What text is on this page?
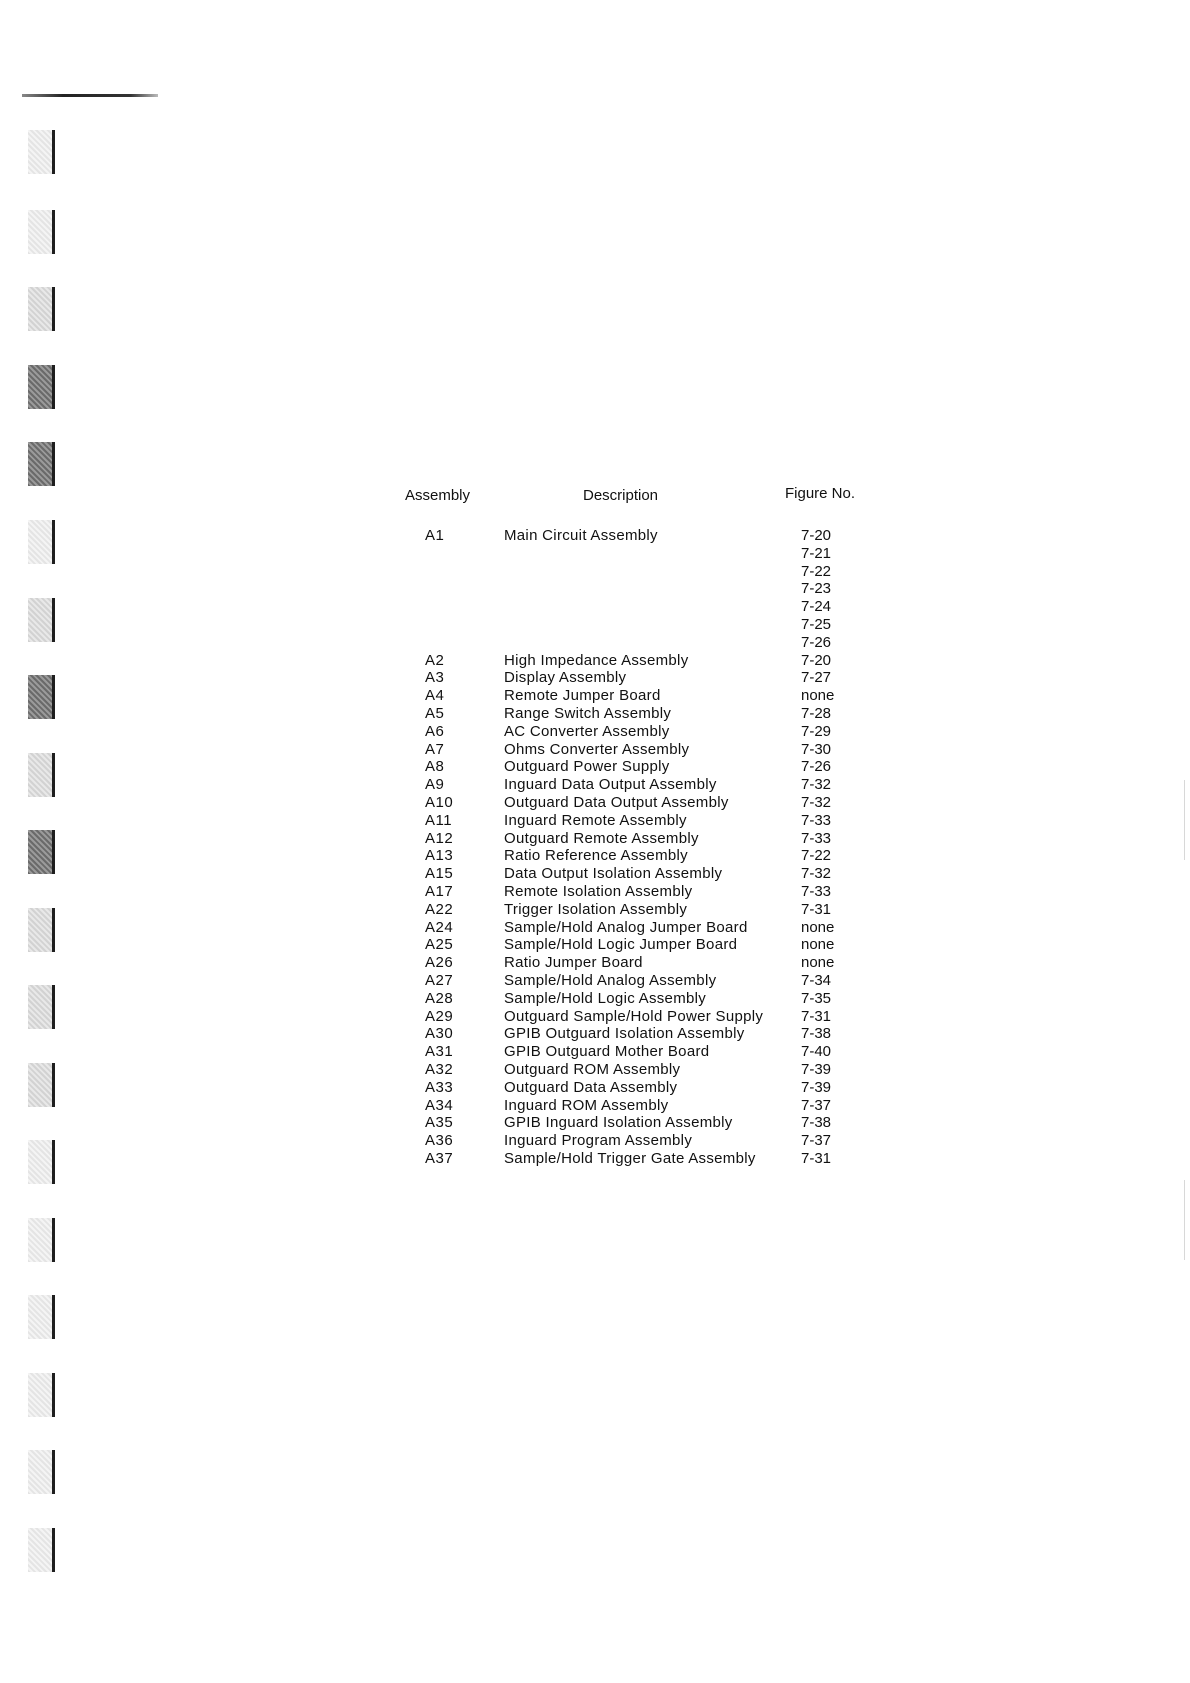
Assembly	Description	Figure No.
A1	Main Circuit Assembly	7-20
7-21
7-22
7-23
7-24
7-25
7-26
A2	High Impedance Assembly	7-20
A3	Display Assembly	7-27
A4	Remote Jumper Board	none
A5	Range Switch Assembly	7-28
A6	AC Converter Assembly	7-29
A7	Ohms Converter Assembly	7-30
A8	Outguard Power Supply	7-26
A9	Inguard Data Output Assembly	7-32
A10	Outguard Data Output Assembly	7-32
A11	Inguard Remote Assembly	7-33
A12	Outguard Remote Assembly	7-33
A13	Ratio Reference Assembly	7-22
A15	Data Output Isolation Assembly	7-32
A17	Remote Isolation Assembly	7-33
A22	Trigger Isolation Assembly	7-31
A24	Sample/Hold Analog Jumper Board	none
A25	Sample/Hold Logic Jumper Board	none
A26	Ratio Jumper Board	none
A27	Sample/Hold Analog Assembly	7-34
A28	Sample/Hold Logic Assembly	7-35
A29	Outguard Sample/Hold Power Supply	7-31
A30	GPIB Outguard Isolation Assembly	7-38
A31	GPIB Outguard Mother Board	7-40
A32	Outguard ROM Assembly	7-39
A33	Outguard Data Assembly	7-39
A34	Inguard ROM Assembly	7-37
A35	GPIB Inguard Isolation Assembly	7-38
A36	Inguard Program Assembly	7-37
A37	Sample/Hold Trigger Gate Assembly	7-31
